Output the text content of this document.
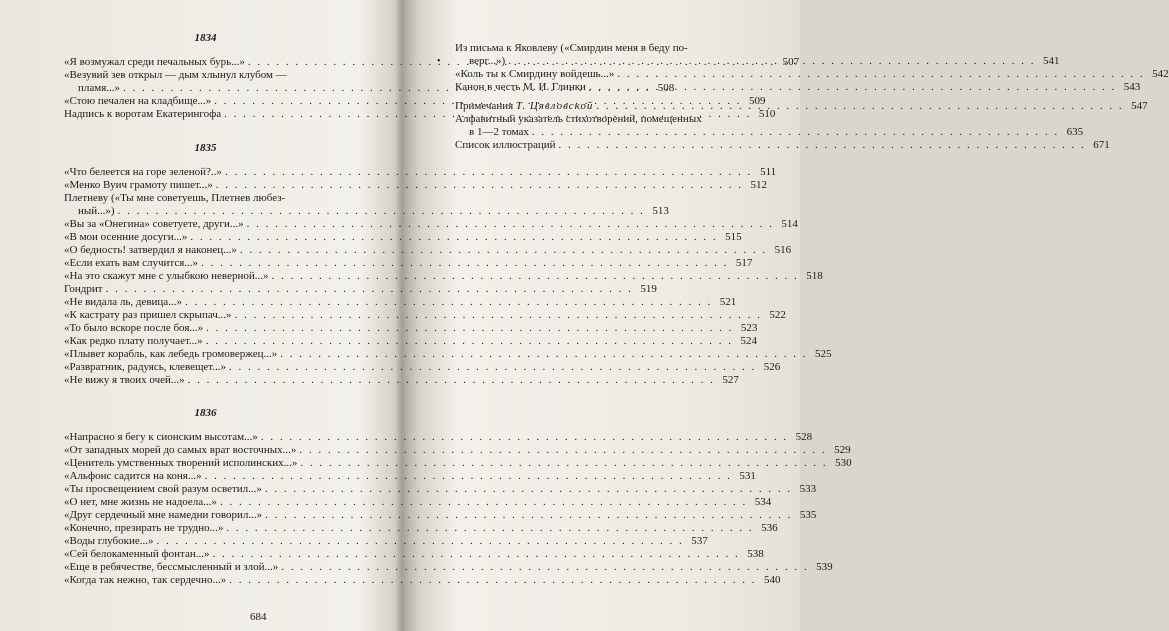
1834
«Я возмужал среди печальных бурь...» . . .	507
«Везувий зев открыл — дым хлынул клубом —
пламя...» . . .	508
«Стою печален на кладбище...» . . .	509
Надпись к воротам Екатерингофа . . .	510
1835
«Что белеется на горе зеленой?..» . . .	511
«Менко Вуич грамоту пишет...» . . .	512
Плетневу («Ты мне советуешь, Плетнев любез-
ный...») . . .	513
«Вы за «Онегина» советуете, други...» . . .	514
«В мои осенние досуги...» . . .	515
«О бедность! затвердил я наконец...» . . .	516
«Если ехать вам случится...» . . .	517
«На это скажут мне с улыбкою неверной...» . . .	518
Гондрит . . .	519
«Не видала ль, девица...» . . .	521
«К кастрату раз пришел скрыпач...» . . .	522
«То было вскоре после боя...» . . .	523
«Как редко плату получает...» . . .	524
«Плывет корабль, как лебедь громовержец...» . . .	525
«Развратник, радуясь, клевещет...» . . .	526
«Не вижу я твоих очей...» . . .	527
1836
«Напрасно я бегу к сионским высотам...» . . .	528
«От западных морей до самых врат восточных...» . . .	529
«Ценитель умственных творений исполинских...» . . .	530
«Альфонс садится на коня...» . . .	531
«Ты просвещением свой разум осветил...» . . .	533
«О нет, мне жизнь не надоела...» . . .	534
«Друг сердечный мне намедни говорил...» . . .	535
«Конечно, презирать не трудно...» . . .	536
«Воды глубокие...» . . .	537
«Сей белокаменный фонтан...» . . .	538
«Еще в ребячестве, бессмысленный и злой...» . . .	539
«Когда так нежно, так сердечно...» . . .	540
684
•
Из письма к Яковлеву («Смирдин меня в беду по-
верг...») . . .	541
«Коль ты к Смирдину войдешь...» . . .	542
Канон в честь М. И. Глинки . . .	543
Примечания Т. Цявловской . . .	547
Алфавитный указатель стихотворений, помещенных
в 1—2 томах . . .	635
Список иллюстраций . . .	671
